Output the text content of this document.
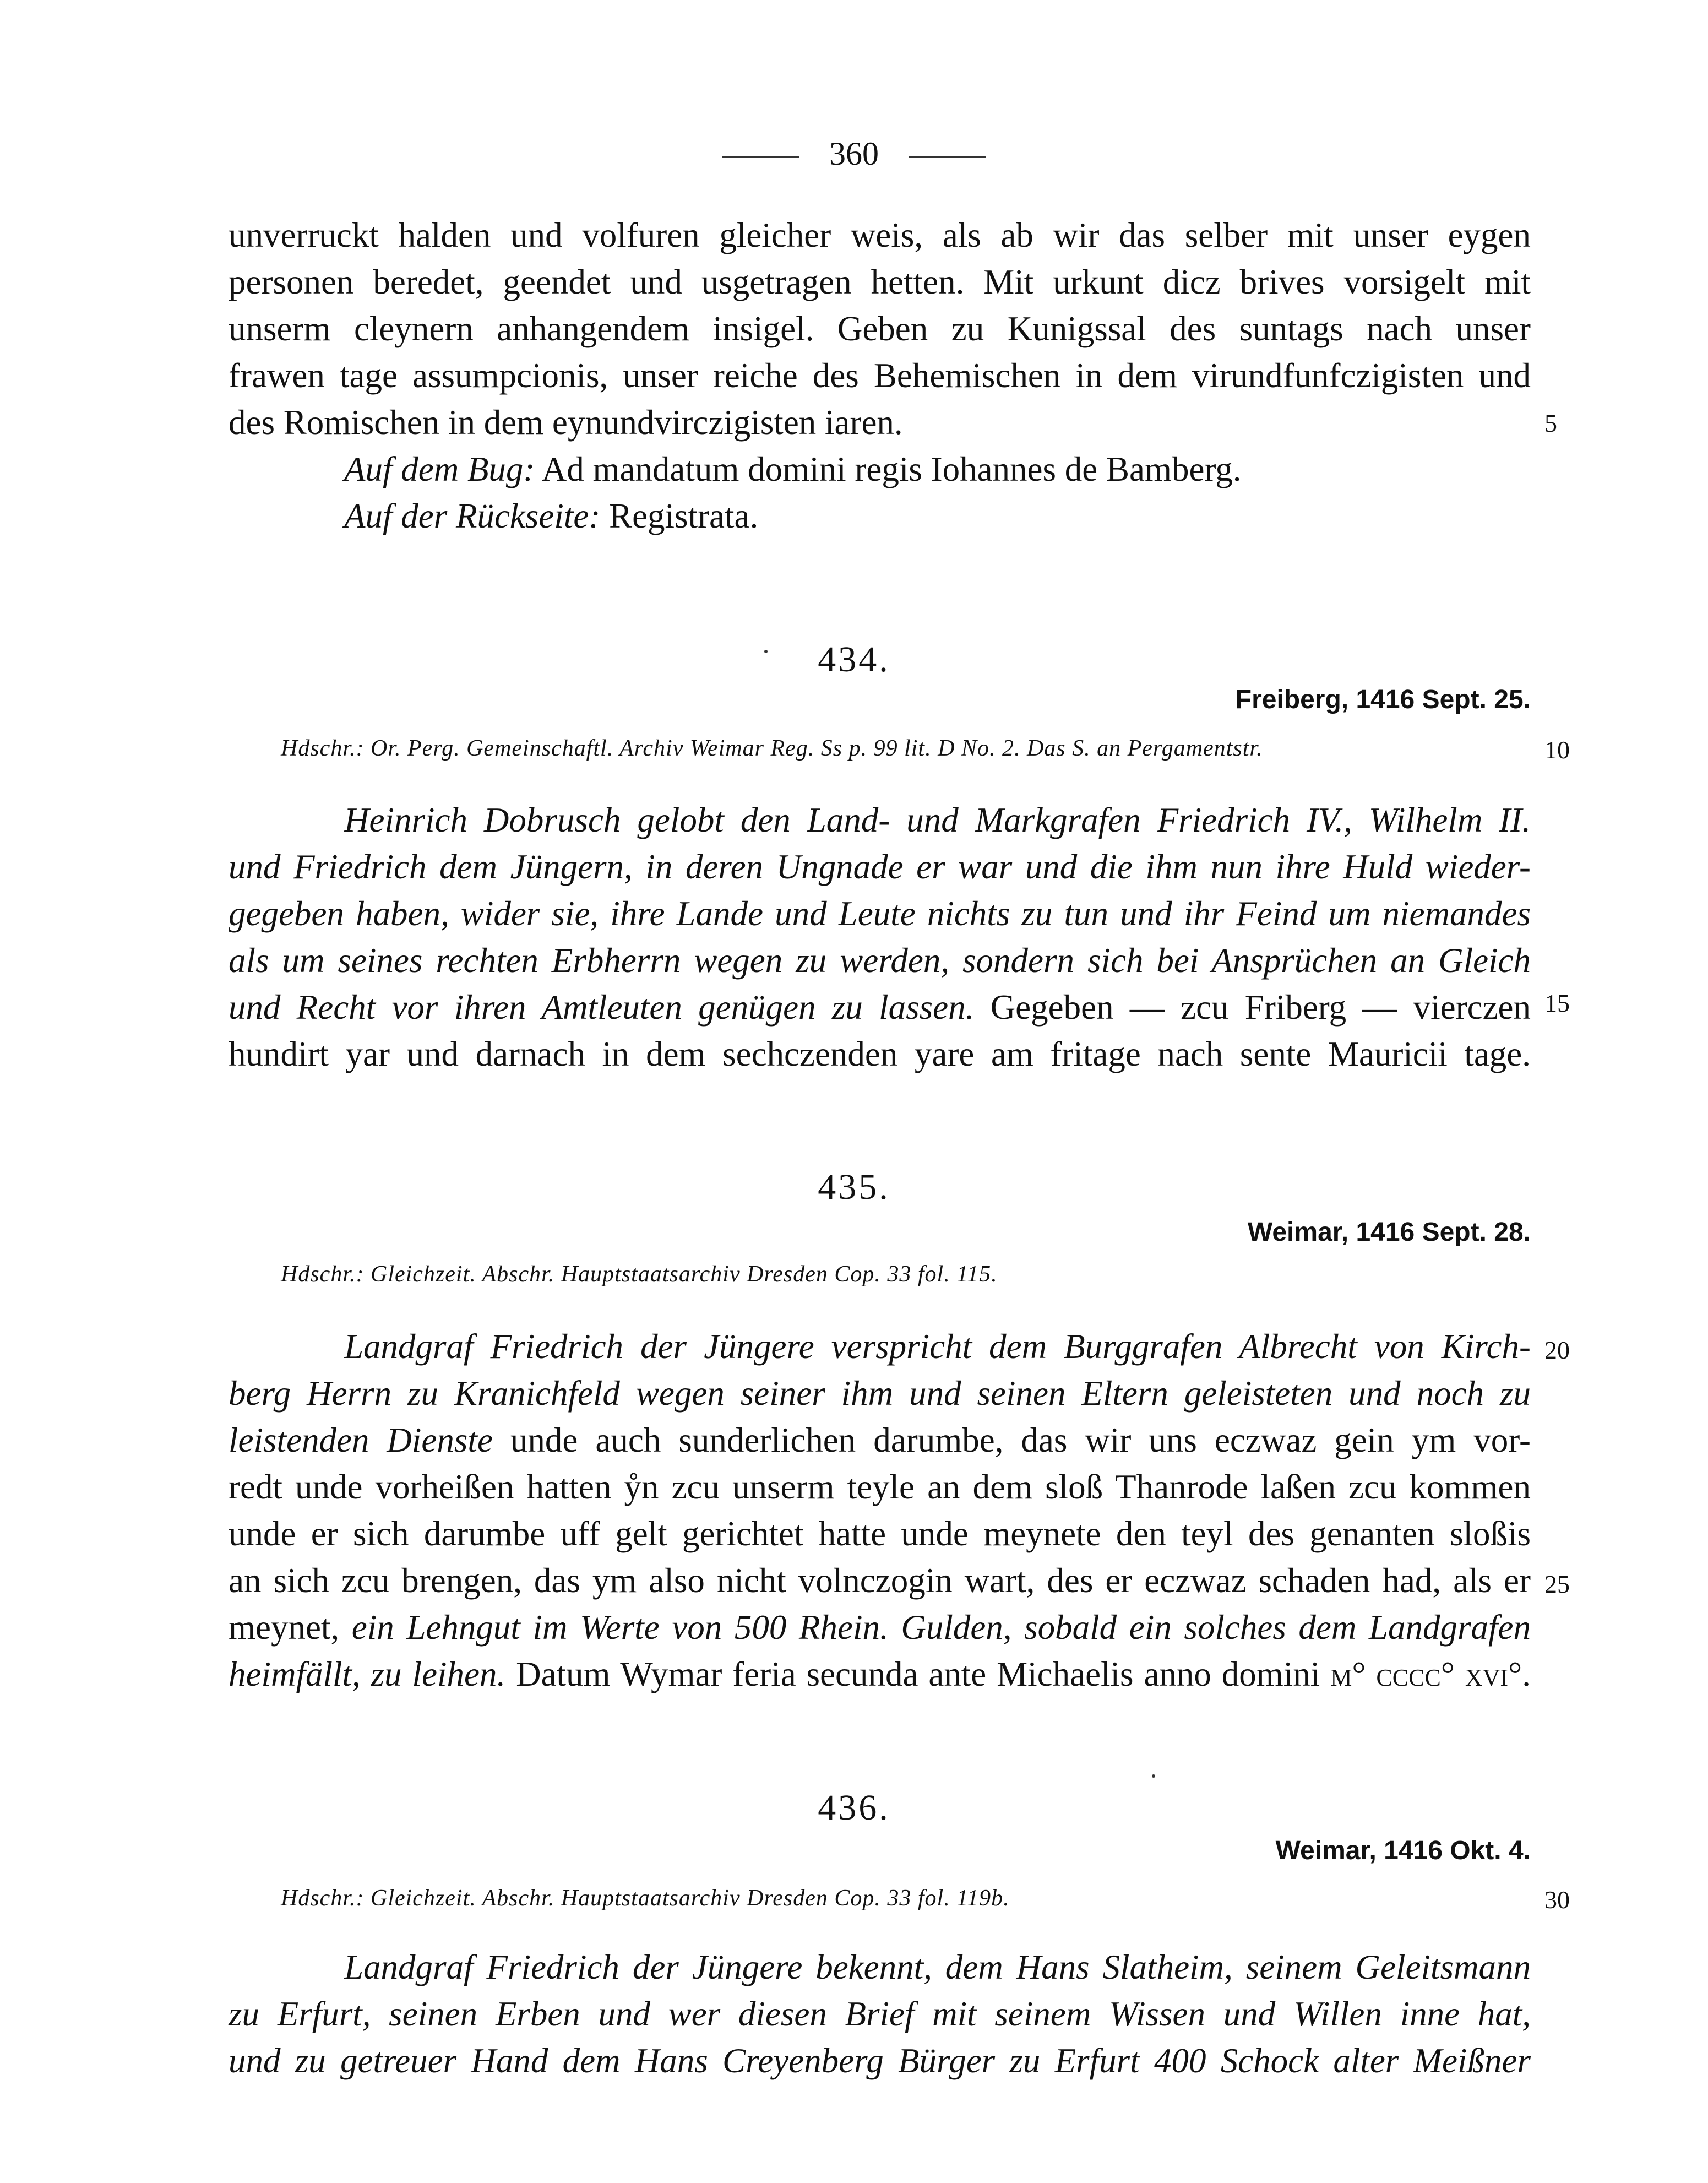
360
unverruckt halden und volfuren gleicher weis, als ab wir das selber mit unser eygen
personen beredet, geendet und usgetragen hetten. Mit urkunt dicz brives vorsigelt mit
unserm cleynern anhangendem insigel. Geben zu Kunigssal des suntags nach unser
frawen tage assumpcionis, unser reiche des Behemischen in dem virundfunfczigisten und
des Romischen in dem eynundvirczigisten iaren.
Auf dem Bug: Ad mandatum domini regis Iohannes de Bamberg.
Auf der Rückseite: Registrata.
5
434.
Freiberg, 1416 Sept. 25.
Hdschr.: Or. Perg. Gemeinschaftl. Archiv Weimar Reg. Ss p. 99 lit. D No. 2. Das S. an Pergamentstr.	10
Heinrich Dobrusch gelobt den Land- und Markgrafen Friedrich IV., Wilhelm II.
und Friedrich dem Jüngern, in deren Ungnade er war und die ihm nun ihre Huld wieder-
gegeben haben, wider sie, ihre Lande und Leute nichts zu tun und ihr Feind um niemandes
als um seines rechten Erbherrn wegen zu werden, sondern sich bei Ansprüchen an Gleich
und Recht vor ihren Amtleuten genügen zu lassen. Gegeben — zcu Friberg — vierczen
hundirt yar und darnach in dem sechczenden yare am fritage nach sente Mauricii tage.
15
435.
Weimar, 1416 Sept. 28.
Hdschr.: Gleichzeit. Abschr. Hauptstaatsarchiv Dresden Cop. 33 fol. 115.
Landgraf Friedrich der Jüngere verspricht dem Burggrafen Albrecht von Kirch-
berg Herrn zu Kranichfeld wegen seiner ihm und seinen Eltern geleisteten und noch zu
leistenden Dienste unde auch sunderlichen darumbe, das wir uns eczwaz gein ym vor-
redt unde vorheißen hatten ẙn zcu unserm teyle an dem sloß Thanrode laßen zcu kommen
unde er sich darumbe uff gelt gerichtet hatte unde meynete den teyl des genanten sloßis
an sich zcu brengen, das ym also nicht volnczogin wart, des er eczwaz schaden had, als er
meynet, ein Lehngut im Werte von 500 Rhein. Gulden, sobald ein solches dem Landgrafen
heimfällt, zu leihen. Datum Wymar feria secunda ante Michaelis anno domini m° cccc° xvi°.
20
25
436.
Weimar, 1416 Okt. 4.
Hdschr.: Gleichzeit. Abschr. Hauptstaatsarchiv Dresden Cop. 33 fol. 119b.	30
Landgraf Friedrich der Jüngere bekennt, dem Hans Slatheim, seinem Geleitsmann
zu Erfurt, seinen Erben und wer diesen Brief mit seinem Wissen und Willen inne hat,
und zu getreuer Hand dem Hans Creyenberg Bürger zu Erfurt 400 Schock alter Meißner
